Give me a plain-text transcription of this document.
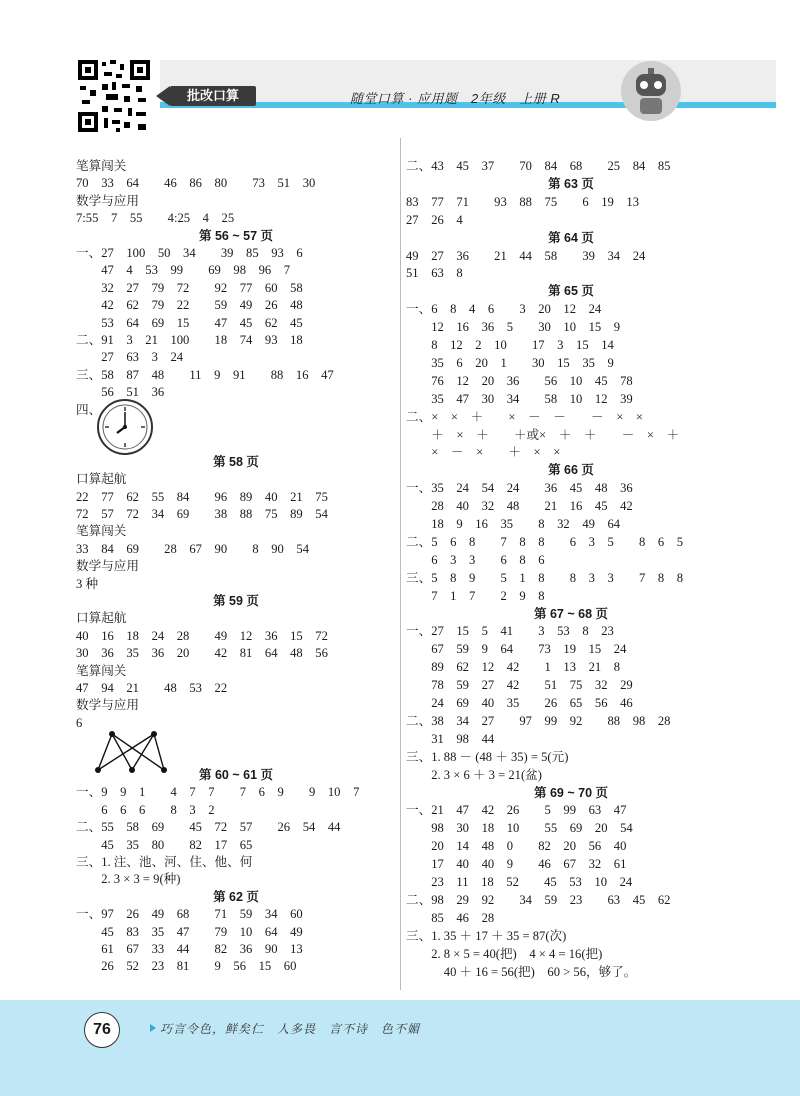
批改口算	随堂口算 · 应用题　2年级　上册 R
笔算闯关
70　33　64　　46　86　80　　73　51　30
数学与应用
7:55　7　55　　4:25　4　25
第 56 ~ 57 页
一、27　100　50　34　　39　85　93　6
　　47　4　53　99　　69　98　96　7
　　32　27　79　72　　92　77　60　58
　　42　62　79　22　　59　49　26　48
　　53　64　69　15　　47　45　62　45
二、91　3　21　100　　18　74　93　18
　　27　63　3　24
三、58　87　48　　11　9　91　　88　16　47
　　56　51　36
四、
第 58 页
口算起航
22　77　62　55　84　　96　89　40　21　75
72　57　72　34　69　　38　88　75　89　54
笔算闯关
33　84　69　　28　67　90　　8　90　54
数学与应用
3 种
第 59 页
口算起航
40　16　18　24　28　　49　12　36　15　72
30　36　35　36　20　　42　81　64　48　56
笔算闯关
47　94　21　　48　53　22
数学与应用
6
第 60 ~ 61 页
一、9　9　1　　4　7　7　　7　6　9　　9　10　7
　　6　6　6　　8　3　2
二、55　58　69　　45　72　57　　26　54　44
　　45　35　80　　82　17　65
三、1. 注、池、河、住、他、何
　　2. 3 × 3 = 9(种)
第 62 页
一、97　26　49　68　　71　59　34　60
　　45　83　35　47　　79　10　64　49
　　61　67　33　44　　82　36　90　13
　　26　52　23　81　　9　56　15　60
二、43　45　37　　70　84　68　　25　84　85
第 63 页
83　77　71　　93　88　75　　6　19　13
27　26　4
第 64 页
49　27　36　　21　44　58　　39　34　24
51　63　8
第 65 页
一、6　8　4　6　　3　20　12　24
　　12　16　36　5　　30　10　15　9
　　8　12　2　10　　17　3　15　14
　　35　6　20　1　　30　15　35　9
　　76　12　20　36　　56　10　45　78
　　35　47　30　34　　58　10　12　39
二、×　×　＋　　×　－　－　　－　×　×
　　＋　×　＋　　＋或×　＋　＋　　－　×　＋
　　×　－　×　　＋　×　×
第 66 页
一、35　24　54　24　　36　45　48　36
　　28　40　32　48　　21　16　45　42
　　18　9　16　35　　8　32　49　64
二、5　6　8　　7　8　8　　6　3　5　　8　6　5
　　6　3　3　　6　8　6
三、5　8　9　　5　1　8　　8　3　3　　7　8　8
　　7　1　7　　2　9　8
第 67 ~ 68 页
一、27　15　5　41　　3　53　8　23
　　67　59　9　64　　73　19　15　24
　　89　62　12　42　　1　13　21　8
　　78　59　27　42　　51　75　32　29
　　24　69　40　35　　26　65　56　46
二、38　34　27　　97　99　92　　88　98　28
　　31　98　44
三、1. 88 － (48 ＋ 35) = 5(元)
　　2. 3 × 6 ＋ 3 = 21(盆)
第 69 ~ 70 页
一、21　47　42　26　　5　99　63　47
　　98　30　18　10　　55　69　20　54
　　20　14　48　0　　82　20　56　40
　　17　40　40　9　　46　67　32　61
　　23　11　18　52　　45　53　10　24
二、98　29　92　　34　59　23　　63　45　62
　　85　46　28
三、1. 35 ＋ 17 ＋ 35 = 87(次)
　　2. 8 × 5 = 40(把)　4 × 4 = 16(把)
　　　40 ＋ 16 = 56(把)　60 > 56，够了。
76	巧言令色，鲜矣仁　人多畏　言不诗　色不媚
